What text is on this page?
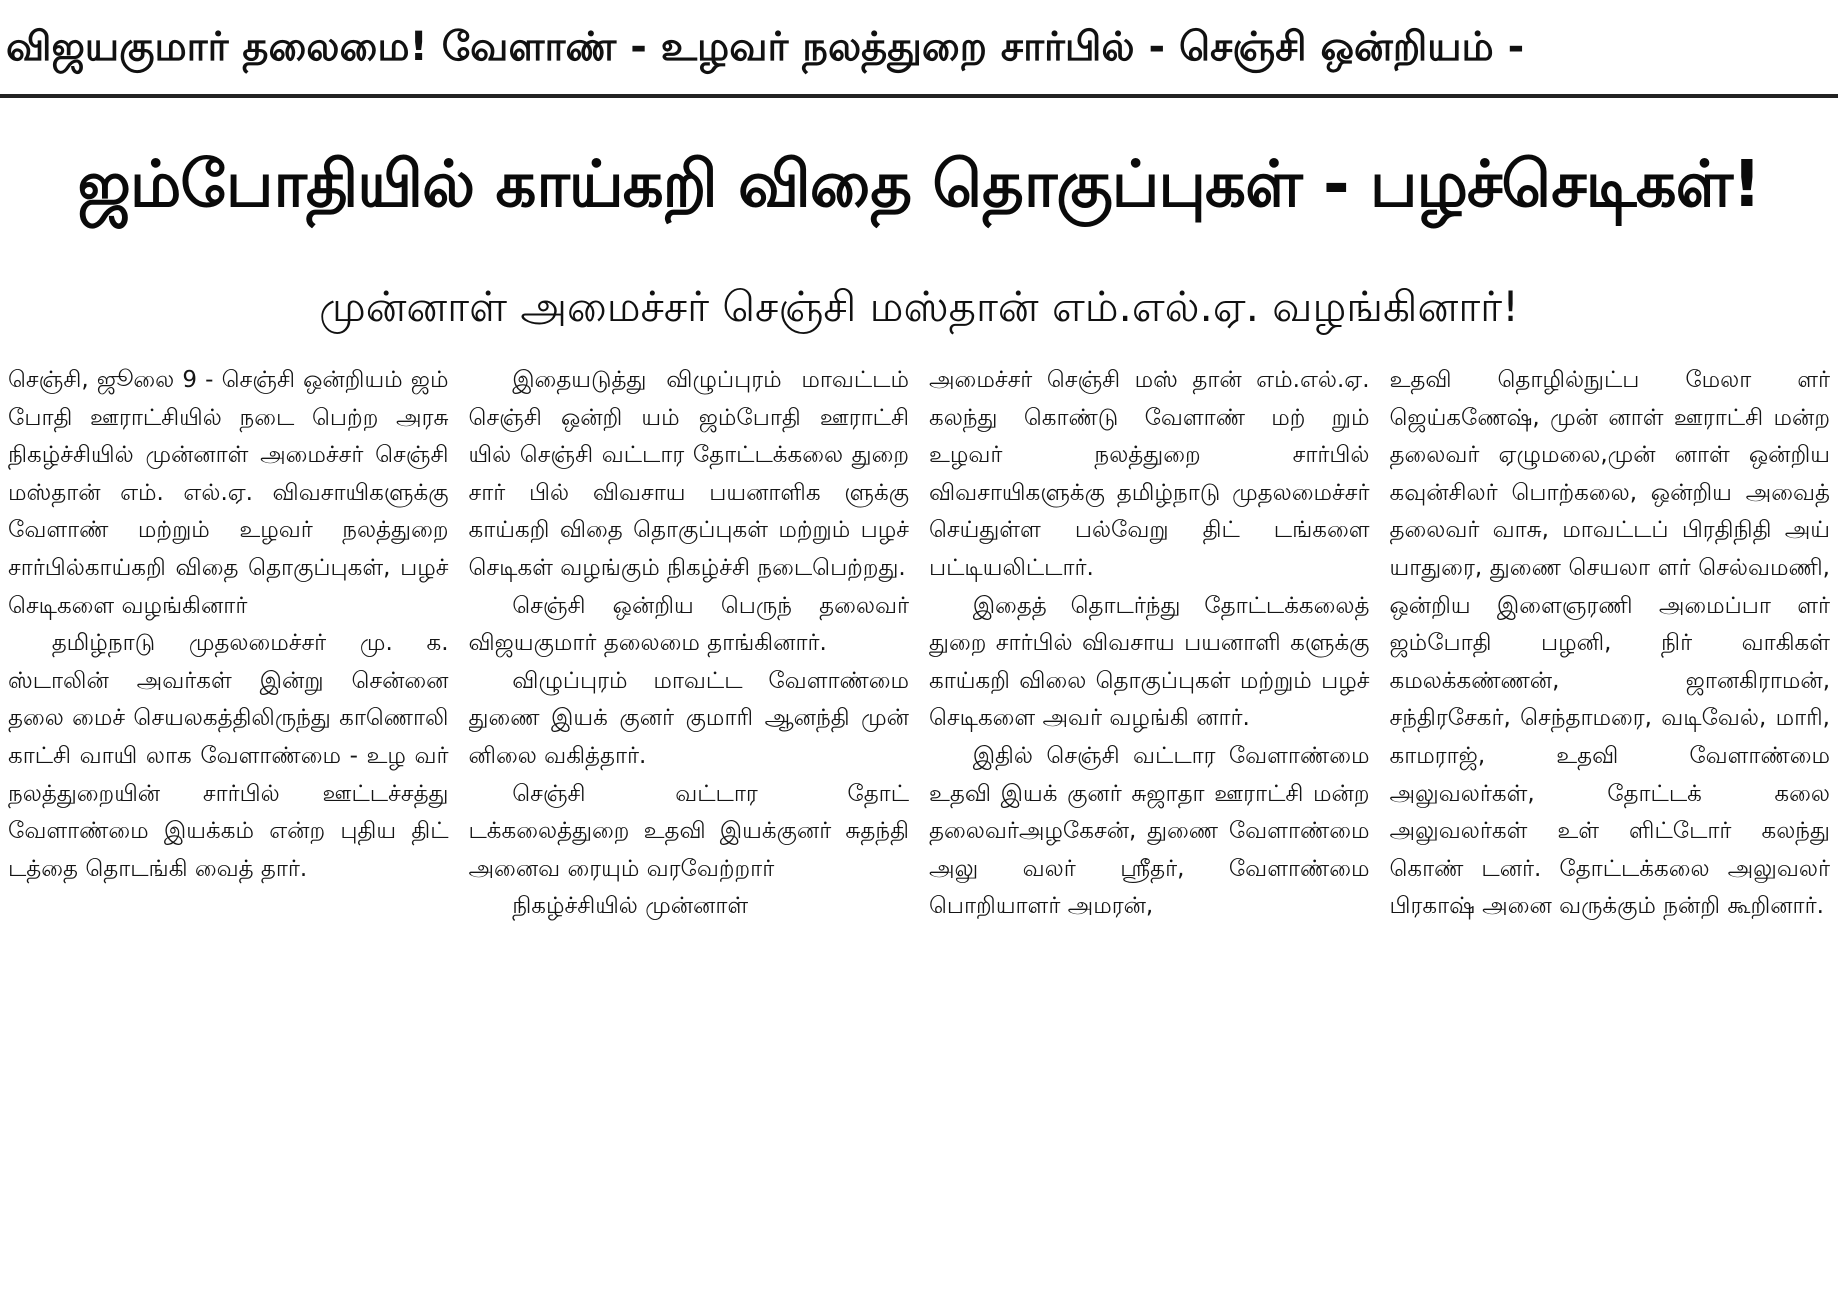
விஜயகுமார் தலைமை! வேளாண் - உழவர் நலத்துறை சார்பில் - செஞ்சி ஒன்றியம் -
ஜம்போதியில் காய்கறி விதை தொகுப்புகள் - பழச்செடிகள்!
முன்னாள் அமைச்சர் செஞ்சி மஸ்தான் எம்.எல்.ஏ. வழங்கினார்!

செஞ்சி, ஜூலை 9 - செஞ்சி ஒன்றியம் ஜம் போதி ஊராட்சியில் நடை பெற்ற அரசு நிகழ்ச்சியில் முன்னாள் அமைச்சர் செஞ்சி மஸ்தான் எம். எல்.ஏ. விவசாயிகளுக்கு வேளாண் மற்றும் உழவர் நலத்துறை சார்பில்காய்கறி விதை தொகுப்புகள், பழச் செடிகளை வழங்கினார்

தமிழ்நாடு முதலமைச்சர் மு. க. ஸ்டாலின் அவர்கள் இன்று சென்னை தலை மைச் செயலகத்திலிருந்து காணொலி காட்சி வாயி லாக வேளாண்மை - உழ வர் நலத்துறையின் சார்பில் ஊட்டச்சத்து வேளாண்மை இயக்கம் என்ற புதிய திட் டத்தை தொடங்கி வைத் தார்.

இதையடுத்து விழுப்புரம் மாவட்டம் செஞ்சி ஒன்றி யம் ஜம்போதி ஊராட்சி யில் செஞ்சி வட்டார தோட்டக்கலை துறை சார் பில் விவசாய பயனாளிக ளுக்கு காய்கறி விதை தொகுப்புகள் மற்றும் பழச் செடிகள் வழங்கும் நிகழ்ச்சி நடைபெற்றது.

செஞ்சி ஒன்றிய பெருந் தலைவர் விஜயகுமார் தலைமை தாங்கினார்.

விழுப்புரம் மாவட்ட வேளாண்மை துணை இயக் குனர் குமாரி ஆனந்தி முன் னிலை வகித்தார்.

செஞ்சி வட்டார தோட் டக்கலைத்துறை உதவி இயக்குனர் சுதந்தி அனைவ ரையும் வரவேற்றார்

நிகழ்ச்சியில் முன்னாள்

அமைச்சர் செஞ்சி மஸ் தான் எம்.எல்.ஏ. கலந்து கொண்டு வேளாண் மற் றும் உழவர் நலத்துறை சார்பில் விவசாயிகளுக்கு தமிழ்நாடு முதலமைச்சர் செய்துள்ள பல்வேறு திட் டங்களை பட்டியலிட்டார்.

இதைத் தொடர்ந்து தோட்டக்கலைத் துறை சார்பில் விவசாய பயனாளி களுக்கு காய்கறி விலை தொகுப்புகள் மற்றும் பழச் செடிகளை அவர் வழங்கி னார்.

இதில் செஞ்சி வட்டார வேளாண்மை உதவி இயக் குனர் சுஜாதா ஊராட்சி மன்ற தலைவர்அழகேசன், துணை வேளாண்மை அலு வலர் ஸ்ரீதர், வேளாண்மை பொறியாளர் அமரன்,

உதவி தொழில்நுட்ப மேலா ளர் ஜெய்கணேஷ், முன் னாள் ஊராட்சி மன்ற தலைவர் ஏழுமலை,முன் னாள் ஒன்றிய கவுன்சிலர் பொற்கலை, ஒன்றிய அவைத் தலைவர் வாசு, மாவட்டப் பிரதிநிதி அய் யாதுரை, துணை செயலா ளர் செல்வமணி, ஒன்றிய இளைஞரணி அமைப்பா ளர் ஜம்போதி பழனி, நிர் வாகிகள் கமலக்கண்ணன், ஜானகிராமன், சந்திரசேகர், செந்தாமரை, வடிவேல், மாரி, காமராஜ், உதவி வேளாண்மை அலுவலர்கள், தோட்டக் கலை அலுவலர்கள் உள் ளிட்டோர் கலந்து கொண் டனர். தோட்டக்கலை அலுவலர் பிரகாஷ் அனை வருக்கும் நன்றி கூறினார்.
